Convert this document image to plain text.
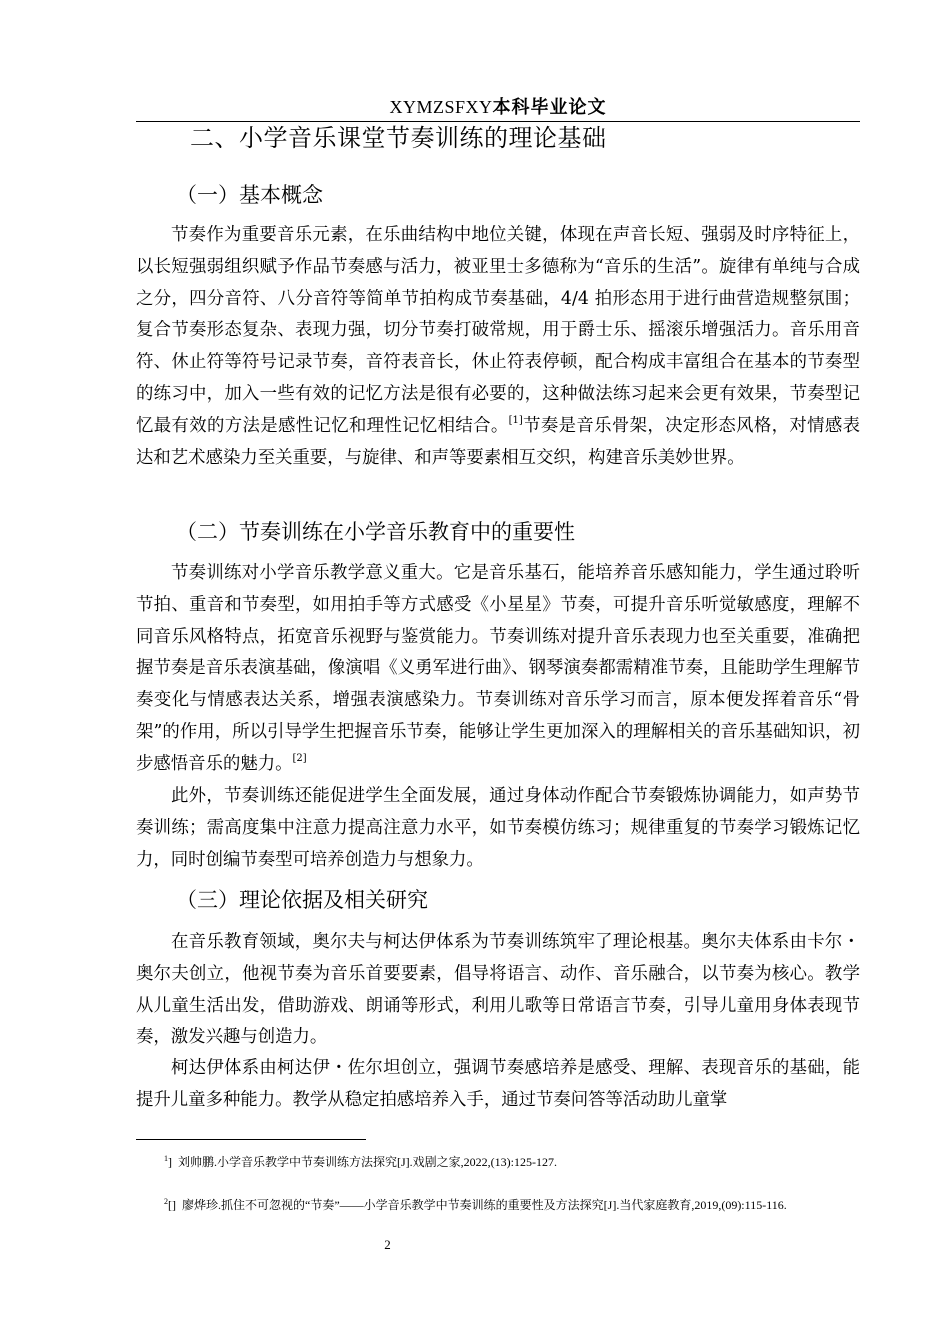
XYMZSFXY本科毕业论文
二、小学音乐课堂节奏训练的理论基础
（一）基本概念

节奏作为重要音乐元素，在乐曲结构中地位关键，体现在声音长短、强弱及时序特征上，以长短强弱组织赋予作品节奏感与活力，被亚里士多德称为“音乐的生活”。旋律有单纯与合成之分，四分音符、八分音符等简单节拍构成节奏基础，4/4 拍形态用于进行曲营造规整氛围；复合节奏形态复杂、表现力强，切分节奏打破常规，用于爵士乐、摇滚乐增强活力。音乐用音符、休止符等符号记录节奏，音符表音长，休止符表停顿，配合构成丰富组合在基本的节奏型的练习中，加入一些有效的记忆方法是很有必要的，这种做法练习起来会更有效果，节奏型记忆最有效的方法是感性记忆和理性记忆相结合。[1]节奏是音乐骨架，决定形态风格，对情感表达和艺术感染力至关重要，与旋律、和声等要素相互交织，构建音乐美妙世界。

（二）节奏训练在小学音乐教育中的重要性

节奏训练对小学音乐教学意义重大。它是音乐基石，能培养音乐感知能力，学生通过聆听节拍、重音和节奏型，如用拍手等方式感受《小星星》节奏，可提升音乐听觉敏感度，理解不同音乐风格特点，拓宽音乐视野与鉴赏能力。节奏训练对提升音乐表现力也至关重要，准确把握节奏是音乐表演基础，像演唱《义勇军进行曲》、钢琴演奏都需精准节奏，且能助学生理解节奏变化与情感表达关系，增强表演感染力。节奏训练对音乐学习而言，原本便发挥着音乐“骨架”的作用，所以引导学生把握音乐节奏，能够让学生更加深入的理解相关的音乐基础知识，初步感悟音乐的魅力。[2]

此外，节奏训练还能促进学生全面发展，通过身体动作配合节奏锻炼协调能力，如声势节奏训练；需高度集中注意力提高注意力水平，如节奏模仿练习；规律重复的节奏学习锻炼记忆力，同时创编节奏型可培养创造力与想象力。

（三）理论依据及相关研究

在音乐教育领域，奥尔夫与柯达伊体系为节奏训练筑牢了理论根基。奥尔夫体系由卡尔・奥尔夫创立，他视节奏为音乐首要要素，倡导将语言、动作、音乐融合，以节奏为核心。教学从儿童生活出发，借助游戏、朗诵等形式，利用儿歌等日常语言节奏，引导儿童用身体表现节奏，激发兴趣与创造力。

柯达伊体系由柯达伊・佐尔坦创立，强调节奏感培养是感受、理解、表现音乐的基础，能提升儿童多种能力。教学从稳定拍感培养入手，通过节奏问答等活动助儿童掌

$^1$] 刘帅鹏.小学音乐教学中节奏训练方法探究[J].戏剧之家,2022,(13):125-127.
$^2$[] 廖烨珍.抓住不可忽视的“节奏”——小学音乐教学中节奏训练的重要性及方法探究[J].当代家庭教育,2019,(09):115-116.
2
